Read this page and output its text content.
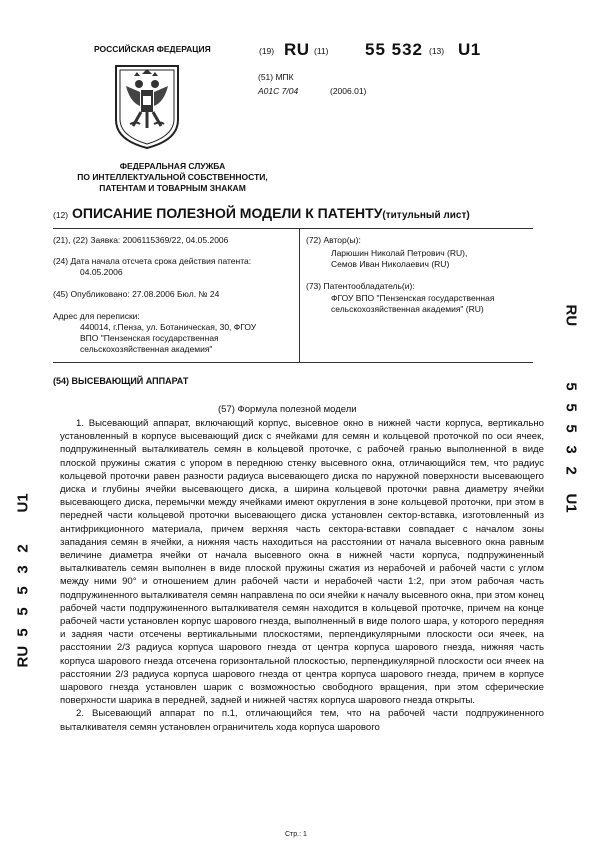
РОССИЙСКАЯ ФЕДЕРАЦИЯ
ФЕДЕРАЛЬНАЯ СЛУЖБА
ПО ИНТЕЛЛЕКТУАЛЬНОЙ СОБСТВЕННОСТИ,
ПАТЕНТАМ И ТОВАРНЫМ ЗНАКАМ
(19) RU (11) 55 532 (13) U1
(51) МПК
A01C 7/04	(2006.01)
(12) ОПИСАНИЕ ПОЛЕЗНОЙ МОДЕЛИ К ПАТЕНТУ(титульный лист)
(21), (22) Заявка: 2006115369/22, 04.05.2006
(24) Дата начала отсчета срока действия патента:
04.05.2006
(45) Опубликовано: 27.08.2006 Бюл. № 24
Адрес для переписки:
440014, г.Пенза, ул. Ботаническая, 30, ФГОУ
ВПО "Пензенская государственная
сельскохозяйственная академия"
(72) Автор(ы):
Ларюшин Николай Петрович (RU),
Семов Иван Николаевич (RU)
(73) Патентообладатель(и):
ФГОУ ВПО "Пензенская государственная
сельскохозяйственная академия" (RU)	RU
5
5
5
3
2
U1
U1
2
3
5
5
5
RU
(54) ВЫСЕВАЮЩИЙ АППАРАТ
(57) Формула полезной модели

1. Высевающий аппарат, включающий корпус, высевное окно в нижней части корпуса, вертикально установленный в корпусе высевающий диск с ячейками для семян и кольцевой проточкой по оси ячеек, подпружиненный выталкиватель семян в кольцевой проточке, с рабочей гранью выполненной в виде плоской пружины сжатия с упором в переднюю стенку высевного окна, отличающийся тем, что радиус кольцевой проточки равен разности радиуса высевающего диска по наружной поверхности высевающего диска и глубины ячейки высевающего диска, а ширина кольцевой проточки равна диаметру ячейки высевающего диска, перемычки между ячейками имеют округления в зоне кольцевой проточки, при этом в передней части кольцевой проточки высевающего диска установлен сектор-вставка, изготовленный из антифрикционного материала, причем верхняя часть сектора-вставки совпадает с началом зоны западания семян в ячейки, а нижняя часть находиться на расстоянии от начала высевного окна равным величине диаметра ячейки от начала высевного окна в нижней части корпуса, подпружиненный выталкиватель семян выполнен в виде плоской пружины сжатия из нерабочей и рабочей части с углом между ними 90° и отношением длин рабочей части и нерабочей части 1:2, при этом рабочая часть подпружиненного выталкивателя семян направлена по оси ячейки к началу высевного окна, при этом конец рабочей части подпружиненного выталкивателя семян находится в кольцевой проточке, причем на конце рабочей части установлен корпус шарового гнезда, выполненный в виде полого шара, у которого передняя и задняя части отсечены вертикальными плоскостями, перпендикулярными плоскости оси ячеек, на расстоянии 2/3 радиуса корпуса шарового гнезда от центра корпуса шарового гнезда, нижняя часть корпуса шарового гнезда отсечена горизонтальной плоскостью, перпендикулярной плоскости оси ячеек на расстоянии 2/3 радиуса корпуса шарового гнезда от центра корпуса шарового гнезда, причем в корпусе шарового гнезда установлен шарик с возможностью свободного вращения, при этом сферические поверхности шарика в передней, задней и нижней частях корпуса шарового гнезда открыты.

2. Высевающий аппарат по п.1, отличающийся тем, что на рабочей части подпружиненного выталкивателя семян установлен ограничитель хода корпуса шарового

Стр.: 1
